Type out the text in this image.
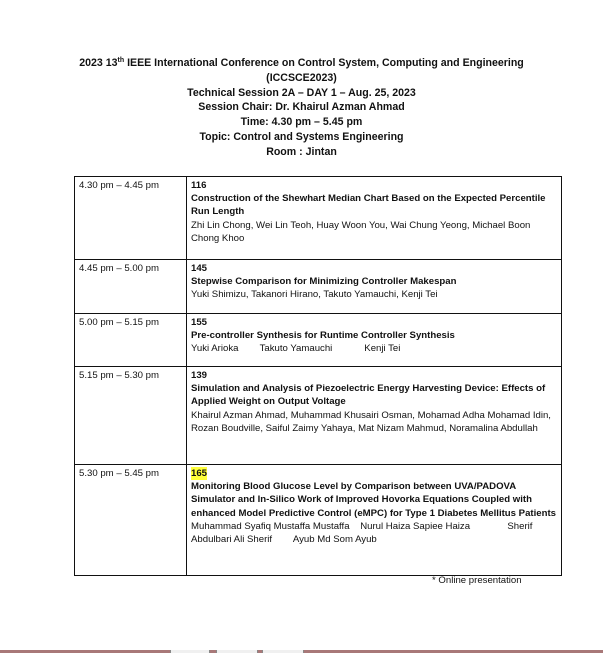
2023 13th IEEE International Conference on Control System, Computing and Engineering
(ICCSCE2023)
Technical Session 2A – DAY 1 – Aug. 25, 2023
Session Chair: Dr. Khairul Azman Ahmad
Time: 4.30 pm – 5.45 pm
Topic: Control and Systems Engineering
Room : Jintan
4.30 pm – 4.45 pm	116
Construction of the Shewhart Median Chart Based on the Expected Percentile Run Length
Zhi Lin Chong, Wei Lin Teoh, Huay Woon You, Wai Chung Yeong, Michael Boon Chong Khoo

4.45 pm – 5.00 pm	145
Stepwise Comparison for Minimizing Controller Makespan
Yuki Shimizu, Takanori Hirano, Takuto Yamauchi, Kenji Tei

5.00 pm – 5.15 pm	155
Pre-controller Synthesis for Runtime Controller Synthesis
Yuki Arioka        Takuto Yamauchi            Kenji Tei

5.15 pm – 5.30 pm	139
Simulation and Analysis of Piezoelectric Energy Harvesting Device: Effects of Applied Weight on Output Voltage
Khairul Azman Ahmad, Muhammad Khusairi Osman, Mohamad Adha Mohamad Idin, Rozan Boudville, Saiful Zaimy Yahaya, Mat Nizam Mahmud, Noramalina Abdullah

5.30 pm – 5.45 pm	165
Monitoring Blood Glucose Level by Comparison between UVA/PADOVA Simulator and In-Silico Work of Improved Hovorka Equations Coupled with enhanced Model Predictive Control (eMPC) for Type 1 Diabetes Mellitus Patients
Muhammad Syafiq Mustaffa Mustaffa    Nurul Haiza Sapiee Haiza              Sherif Abdulbari Ali Sherif        Ayub Md Som Ayub
* Online presentation
